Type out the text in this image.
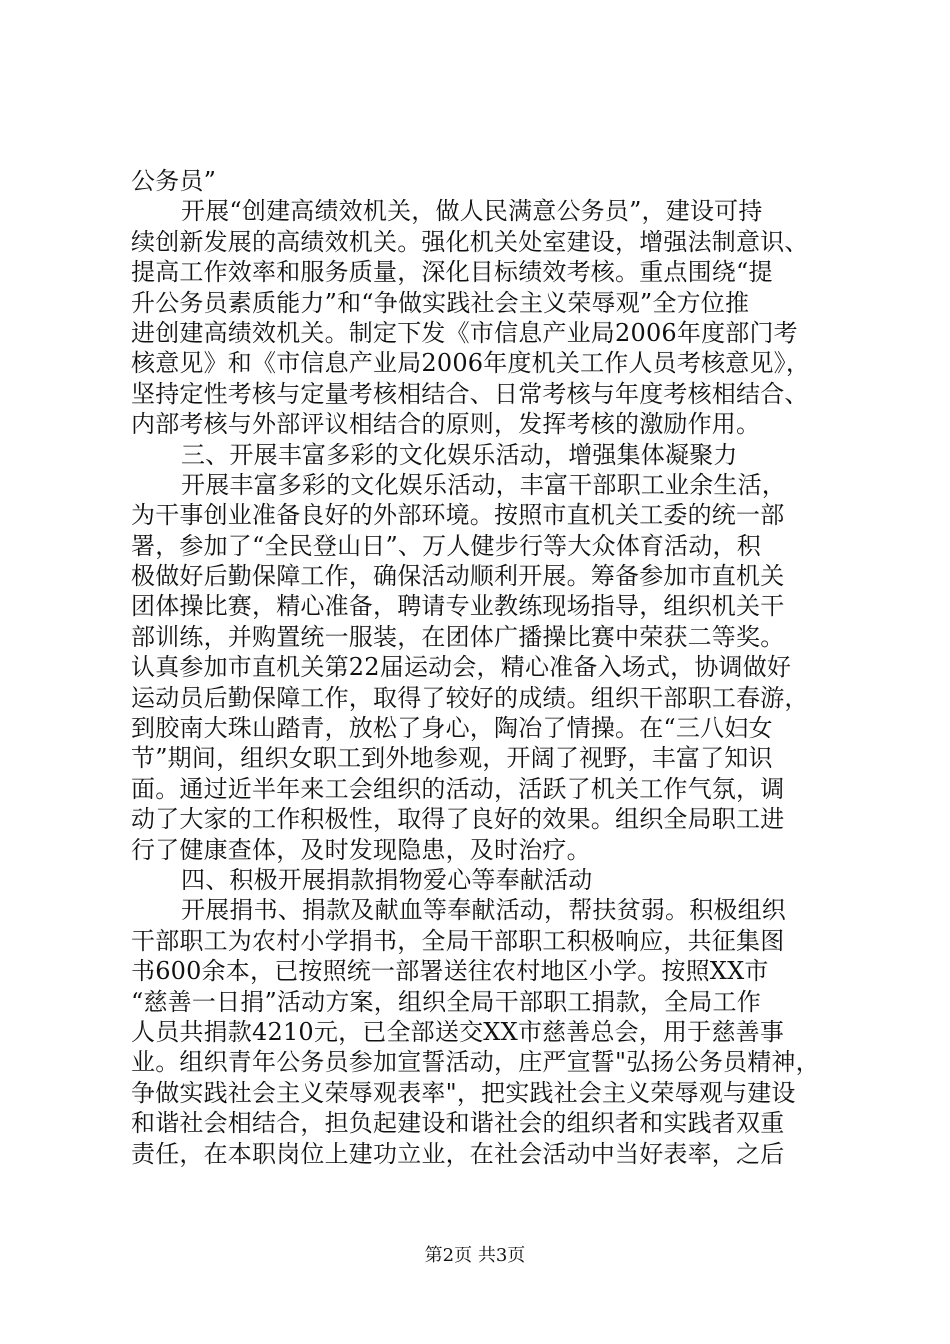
公务员”
开展“创建高绩效机关，做人民满意公务员”，建设可持
续创新发展的高绩效机关。强化机关处室建设，增强法制意识、
提高工作效率和服务质量，深化目标绩效考核。重点围绕“提
升公务员素质能力”和“争做实践社会主义荣辱观”全方位推
进创建高绩效机关。制定下发《市信息产业局2006年度部门考
核意见》和《市信息产业局2006年度机关工作人员考核意见》，
坚持定性考核与定量考核相结合、日常考核与年度考核相结合、
内部考核与外部评议相结合的原则，发挥考核的激励作用。
三、开展丰富多彩的文化娱乐活动，增强集体凝聚力
开展丰富多彩的文化娱乐活动，丰富干部职工业余生活，
为干事创业准备良好的外部环境。按照市直机关工委的统一部
署，参加了“全民登山日”、万人健步行等大众体育活动，积
极做好后勤保障工作，确保活动顺利开展。筹备参加市直机关
团体操比赛，精心准备，聘请专业教练现场指导，组织机关干
部训练，并购置统一服装，在团体广播操比赛中荣获二等奖。
认真参加市直机关第22届运动会，精心准备入场式，协调做好
运动员后勤保障工作，取得了较好的成绩。组织干部职工春游，
到胶南大珠山踏青，放松了身心，陶冶了情操。在“三八妇女
节”期间，组织女职工到外地参观，开阔了视野，丰富了知识
面。通过近半年来工会组织的活动，活跃了机关工作气氛，调
动了大家的工作积极性，取得了良好的效果。组织全局职工进
行了健康查体，及时发现隐患，及时治疗。
四、积极开展捐款捐物爱心等奉献活动
开展捐书、捐款及献血等奉献活动，帮扶贫弱。积极组织
干部职工为农村小学捐书，全局干部职工积极响应，共征集图
书600余本，已按照统一部署送往农村地区小学。按照XX市
“慈善一日捐”活动方案，组织全局干部职工捐款，全局工作
人员共捐款4210元，已全部送交XX市慈善总会，用于慈善事
业。组织青年公务员参加宣誓活动，庄严宣誓"弘扬公务员精神，
争做实践社会主义荣辱观表率"，把实践社会主义荣辱观与建设
和谐社会相结合，担负起建设和谐社会的组织者和实践者双重
责任，在本职岗位上建功立业，在社会活动中当好表率，之后
第2页 共3页
